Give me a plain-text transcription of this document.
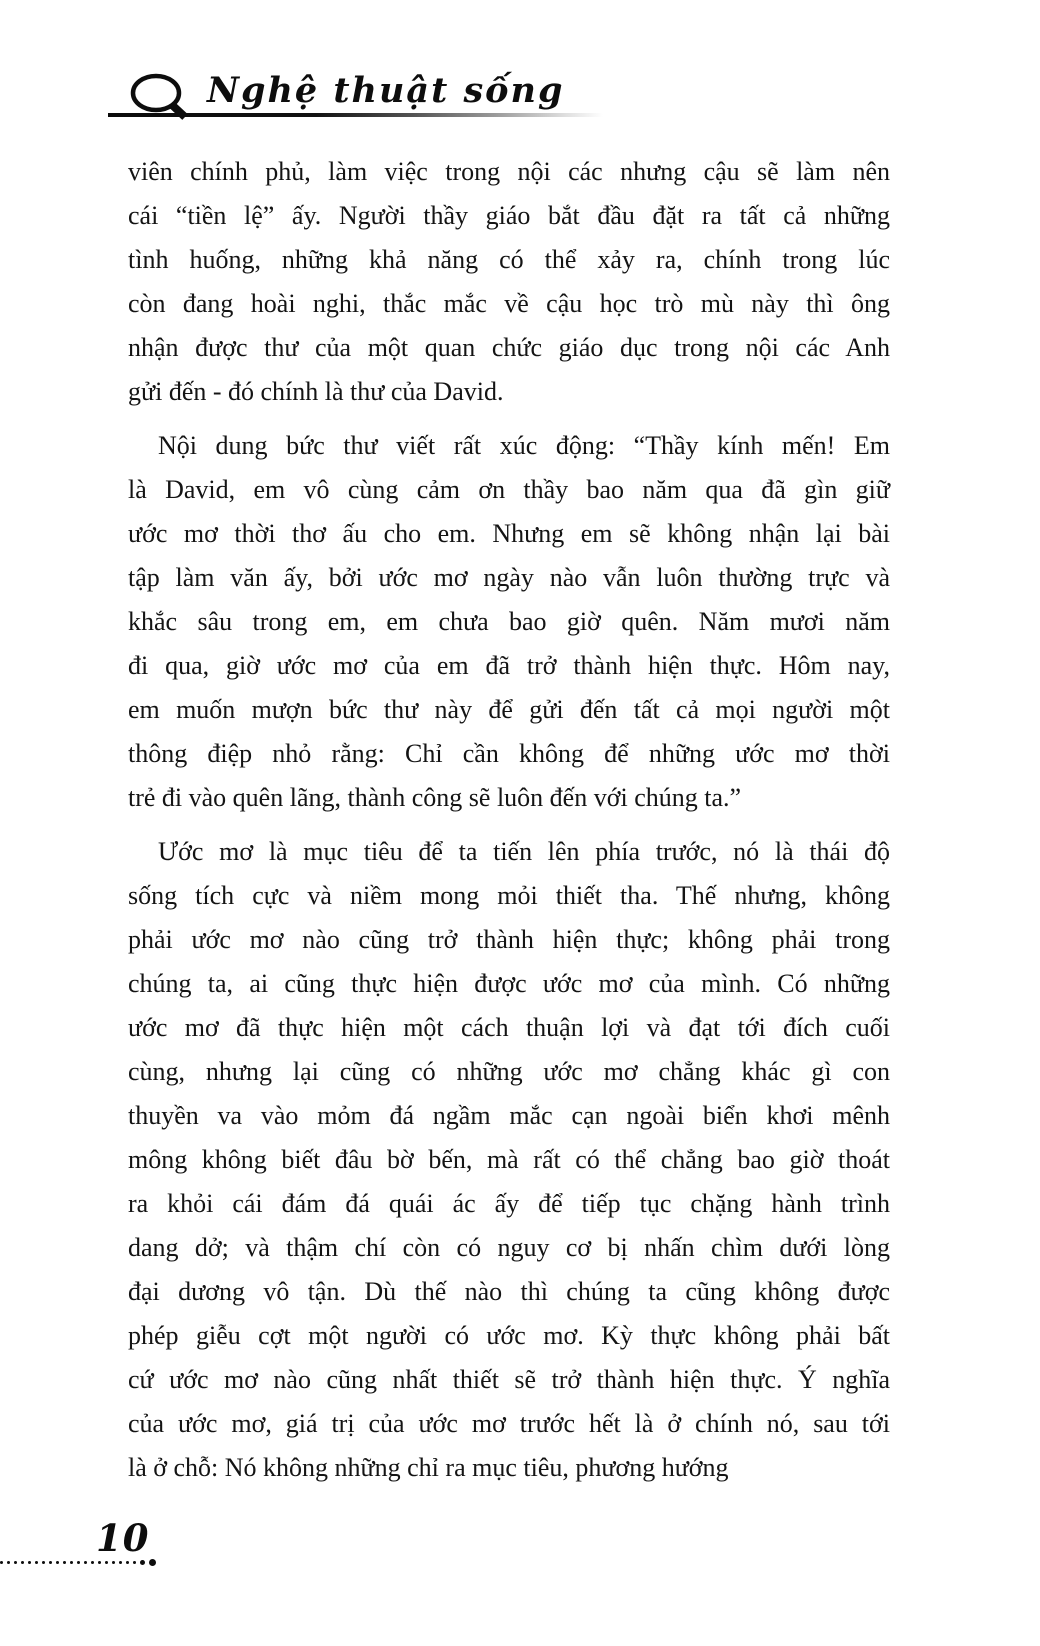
Nghệ thuật sống
viên chính phủ, làm việc trong nội các nhưng cậu sẽ làm nên
cái “tiền lệ” ấy. Người thầy giáo bắt đầu đặt ra tất cả những
tình huống, những khả năng có thể xảy ra, chính trong lúc
còn đang hoài nghi, thắc mắc về cậu học trò mù này thì ông
nhận được thư của một quan chức giáo dục trong nội các Anh
gửi đến - đó chính là thư của David.
Nội dung bức thư viết rất xúc động: “Thầy kính mến! Em
là David, em vô cùng cảm ơn thầy bao năm qua đã gìn giữ
ước mơ thời thơ ấu cho em. Nhưng em sẽ không nhận lại bài
tập làm văn ấy, bởi ước mơ ngày nào vẫn luôn thường trực và
khắc sâu trong em, em chưa bao giờ quên. Năm mươi năm
đi qua, giờ ước mơ của em đã trở thành hiện thực. Hôm nay,
em muốn mượn bức thư này để gửi đến tất cả mọi người một
thông điệp nhỏ rằng: Chỉ cần không để những ước mơ thời
trẻ đi vào quên lãng, thành công sẽ luôn đến với chúng ta.”
Ước mơ là mục tiêu để ta tiến lên phía trước, nó là thái độ
sống tích cực và niềm mong mỏi thiết tha. Thế nhưng, không
phải ước mơ nào cũng trở thành hiện thực; không phải trong
chúng ta, ai cũng thực hiện được ước mơ của mình. Có những
ước mơ đã thực hiện một cách thuận lợi và đạt tới đích cuối
cùng, nhưng lại cũng có những ước mơ chẳng khác gì con
thuyền va vào mỏm đá ngầm mắc cạn ngoài biển khơi mênh
mông không biết đâu bờ bến, mà rất có thể chẳng bao giờ thoát
ra khỏi cái đám đá quái ác ấy để tiếp tục chặng hành trình
dang dở; và thậm chí còn có nguy cơ bị nhấn chìm dưới lòng
đại dương vô tận. Dù thế nào thì chúng ta cũng không được
phép giễu cợt một người có ước mơ. Kỳ thực không phải bất
cứ ước mơ nào cũng nhất thiết sẽ trở thành hiện thực. Ý nghĩa
của ước mơ, giá trị của ước mơ trước hết là ở chính nó, sau tới
là ở chỗ: Nó không những chỉ ra mục tiêu, phương hướng
10
